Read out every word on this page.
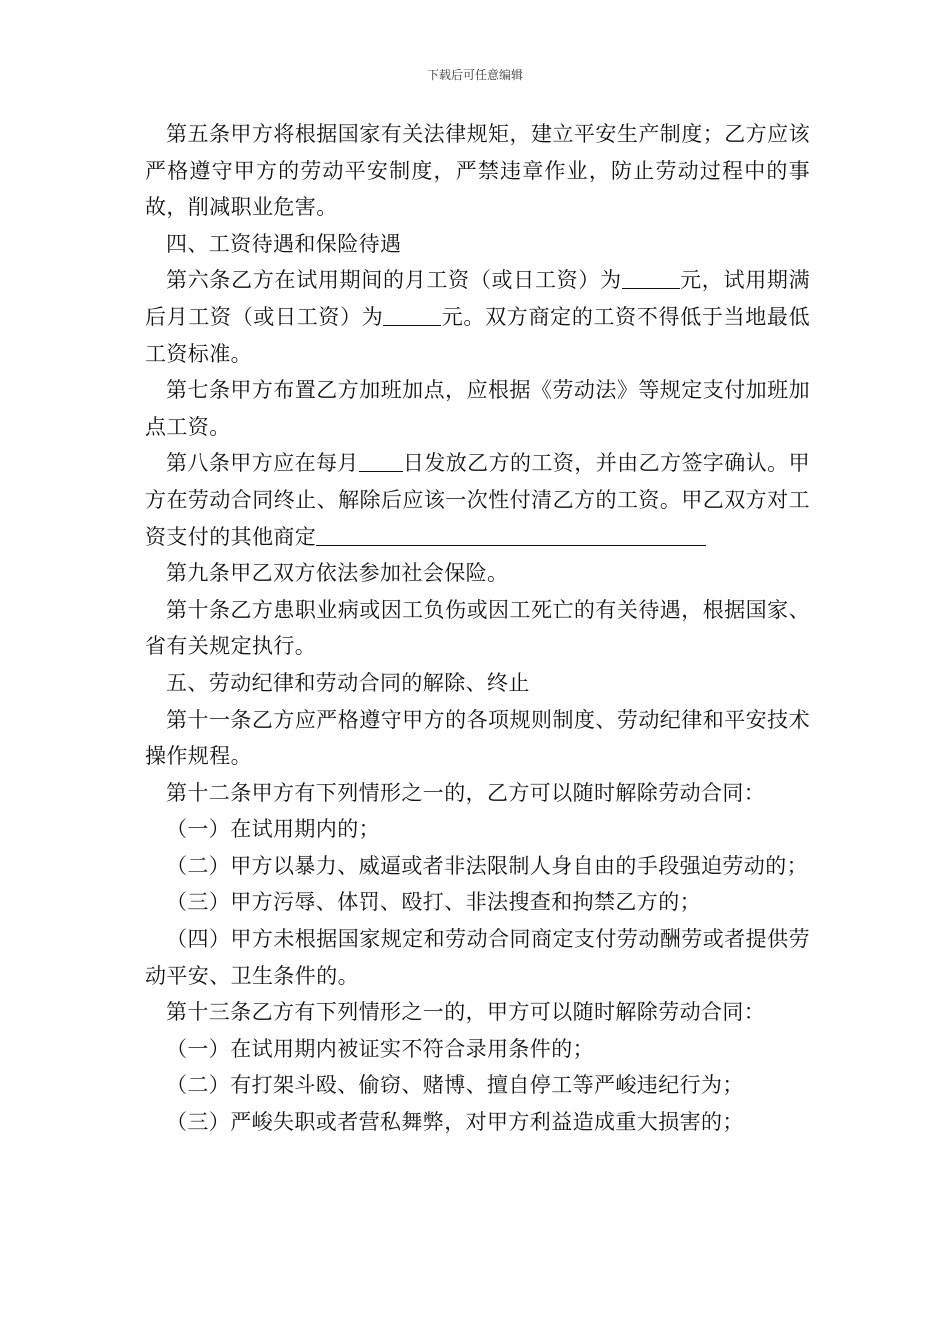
下载后可任意编辑

第五条甲方将根据国家有关法律规矩，建立平安生产制度；乙方应该严格遵守甲方的劳动平安制度，严禁违章作业，防止劳动过程中的事故，削减职业危害。

四、工资待遇和保险待遇

第六条乙方在试用期间的月工资（或日工资）为	元，试用期满后月工资（或日工资）为	元。双方商定的工资不得低于当地最低工资标准。

第七条甲方布置乙方加班加点，应根据《劳动法》等规定支付加班加点工资。

第八条甲方应在每月 日发放乙方的工资，并由乙方签字确认。甲方在劳动合同终止、解除后应该一次性付清乙方的工资。甲乙双方对工资支付的其他商定

第九条甲乙双方依法参加社会保险。

第十条乙方患职业病或因工负伤或因工死亡的有关待遇，根据国家、省有关规定执行。

五、劳动纪律和劳动合同的解除、终止

第十一条乙方应严格遵守甲方的各项规则制度、劳动纪律和平安技术操作规程。

第十二条甲方有下列情形之一的，乙方可以随时解除劳动合同：

（一）在试用期内的；

（二）甲方以暴力、威逼或者非法限制人身自由的手段强迫劳动的；

（三）甲方污辱、体罚、殴打、非法搜查和拘禁乙方的；

（四）甲方未根据国家规定和劳动合同商定支付劳动酬劳或者提供劳动平安、卫生条件的。

第十三条乙方有下列情形之一的，甲方可以随时解除劳动合同：

（一）在试用期内被证实不符合录用条件的；

（二）有打架斗殴、偷窃、赌博、擅自停工等严峻违纪行为；

（三）严峻失职或者营私舞弊，对甲方利益造成重大损害的；
